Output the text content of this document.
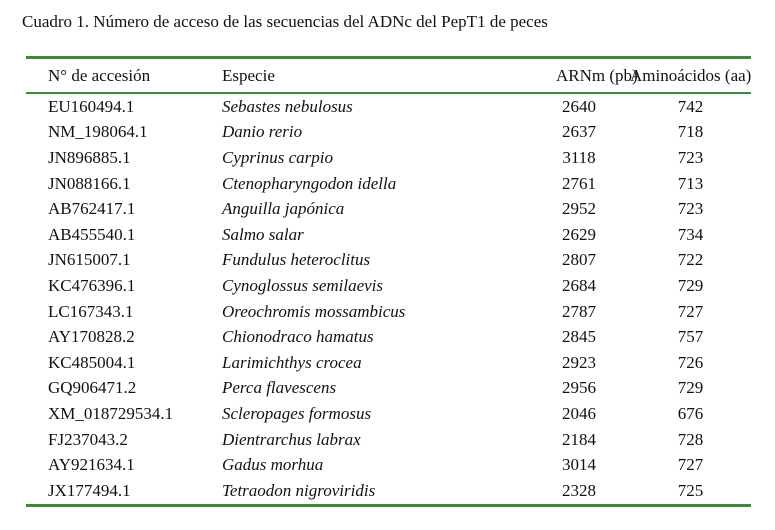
Cuadro 1. Número de acceso de las secuencias del ADNc del PepT1 de peces
N° de accesión	Especie	ARNm (pb)	Aminoácidos (aa)
EU160494.1	Sebastes nebulosus	2640	742
NM_198064.1	Danio rerio	2637	718
JN896885.1	Cyprinus carpio	3118	723
JN088166.1	Ctenopharyngodon idella	2761	713
AB762417.1	Anguilla japónica	2952	723
AB455540.1	Salmo salar	2629	734
JN615007.1	Fundulus heteroclitus	2807	722
KC476396.1	Cynoglossus semilaevis	2684	729
LC167343.1	Oreochromis mossambicus	2787	727
AY170828.2	Chionodraco hamatus	2845	757
KC485004.1	Larimichthys crocea	2923	726
GQ906471.2	Perca flavescens	2956	729
XM_018729534.1	Scleropages formosus	2046	676
FJ237043.2	Dientrarchus labrax	2184	728
AY921634.1	Gadus morhua	3014	727
JX177494.1	Tetraodon nigroviridis	2328	725
